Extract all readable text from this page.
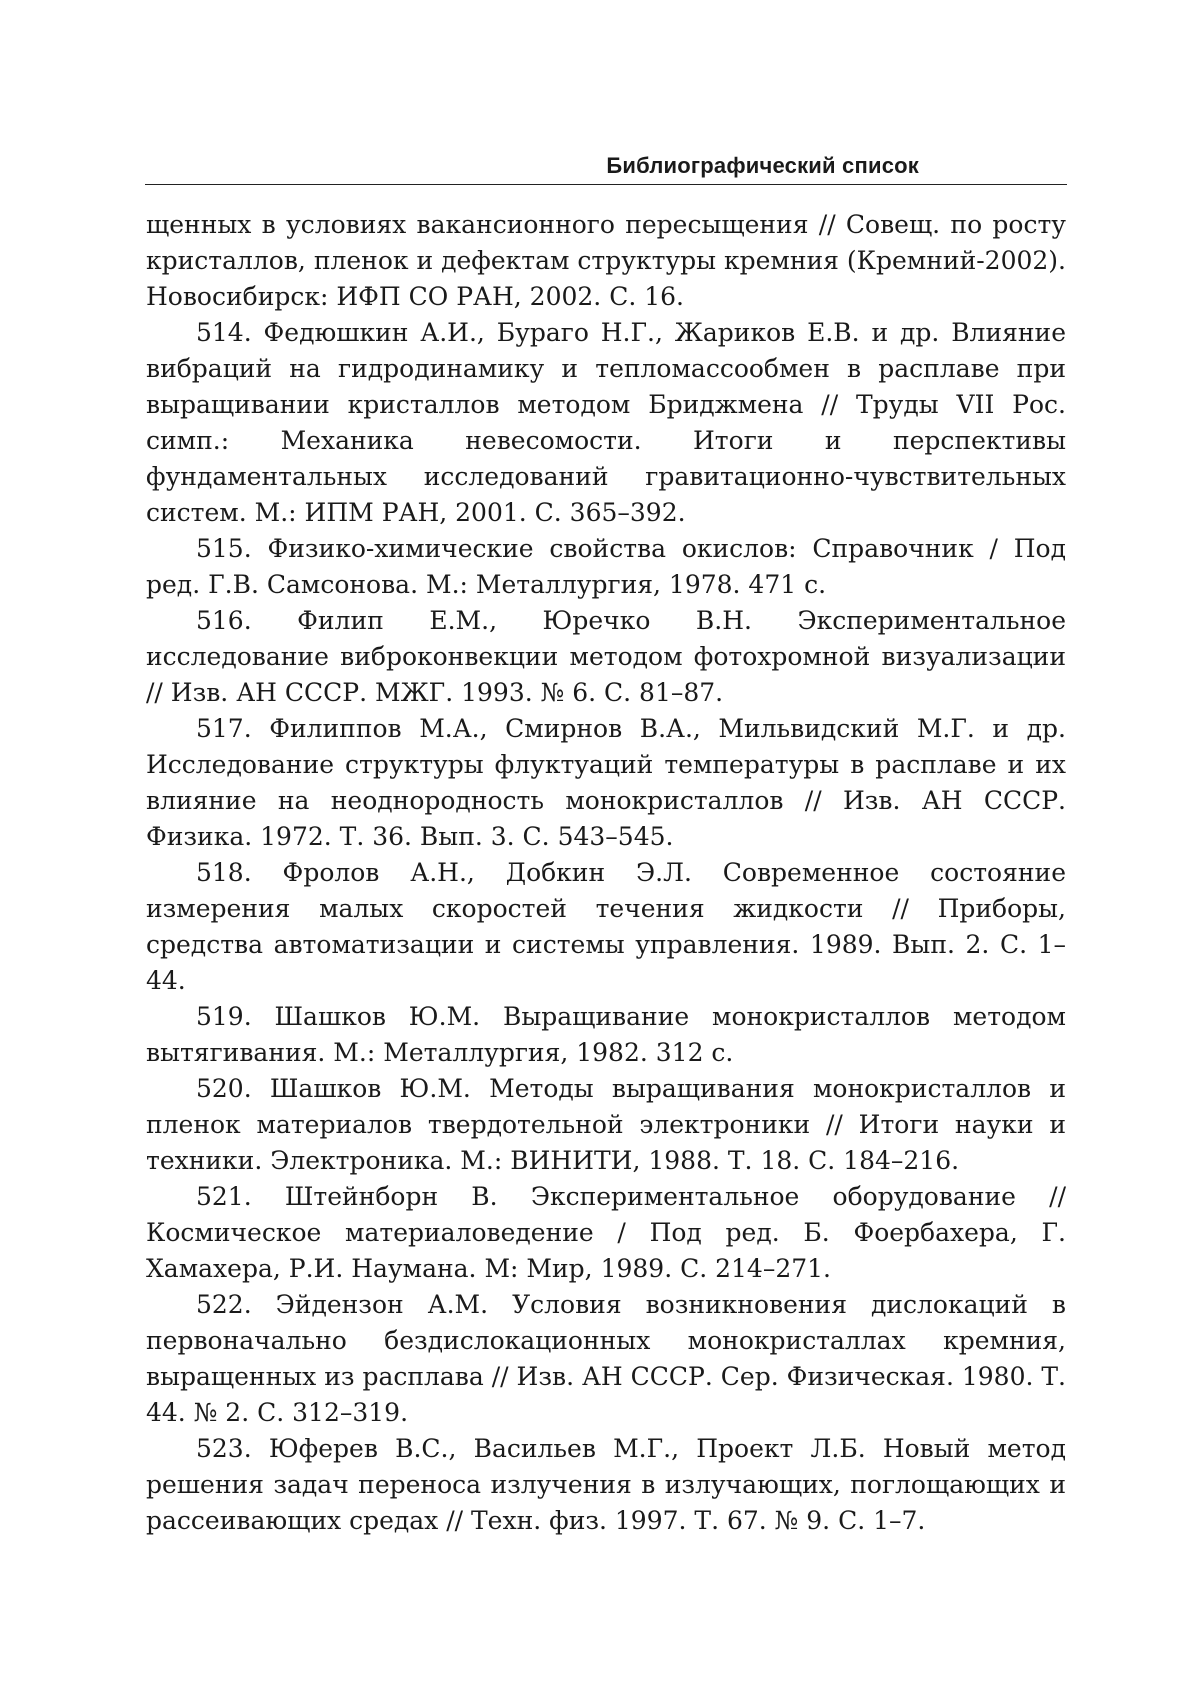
Библиографический список

щенных в условиях вакансионного пересыщения // Совещ. по росту кристаллов, пленок и дефектам структуры кремния (Кремний-2002). Новосибирск: ИФП СО РАН, 2002. С. 16.

514. Федюшкин А.И., Бураго Н.Г., Жариков Е.В. и др. Влияние вибраций на гидродинамику и тепломассообмен в расплаве при выращивании кристаллов методом Бриджмена // Труды VII Рос. симп.: Механика невесомости. Итоги и перспективы фундаментальных исследований гравитационно-чувствительных систем. М.: ИПМ РАН, 2001. С. 365–392.

515. Физико-химические свойства окислов: Справочник / Под ред. Г.В. Самсонова. М.: Металлургия, 1978. 471 с.

516. Филип Е.М., Юречко В.Н. Экспериментальное исследование виброконвекции методом фотохромной визуализации // Изв. АН СССР. МЖГ. 1993. № 6. С. 81–87.

517. Филиппов М.А., Смирнов В.А., Мильвидский М.Г. и др. Исследование структуры флуктуаций температуры в расплаве и их влияние на неоднородность монокристаллов // Изв. АН СССР. Физика. 1972. Т. 36. Вып. 3. С. 543–545.

518. Фролов А.Н., Добкин Э.Л. Современное состояние измерения малых скоростей течения жидкости // Приборы, средства автоматизации и системы управления. 1989. Вып. 2. С. 1–44.

519. Шашков Ю.М. Выращивание монокристаллов методом вытягивания. М.: Металлургия, 1982. 312 с.

520. Шашков Ю.М. Методы выращивания монокристаллов и пленок материалов твердотельной электроники // Итоги науки и техники. Электроника. М.: ВИНИТИ, 1988. Т. 18. С. 184–216.

521. Штейнборн В. Экспериментальное оборудование // Космическое материаловедение / Под ред. Б. Фоербахера, Г. Хамахера, Р.И. Наумана. М: Мир, 1989. С. 214–271.

522. Эйдензон А.М. Условия возникновения дислокаций в первоначально бездислокационных монокристаллах кремния, выращенных из расплава // Изв. АН СССР. Сер. Физическая. 1980. Т. 44. № 2. С. 312–319.

523. Юферев В.С., Васильев М.Г., Проект Л.Б. Новый метод решения задач переноса излучения в излучающих, поглощающих и рассеивающих средах // Техн. физ. 1997. Т. 67. № 9. С. 1–7.
